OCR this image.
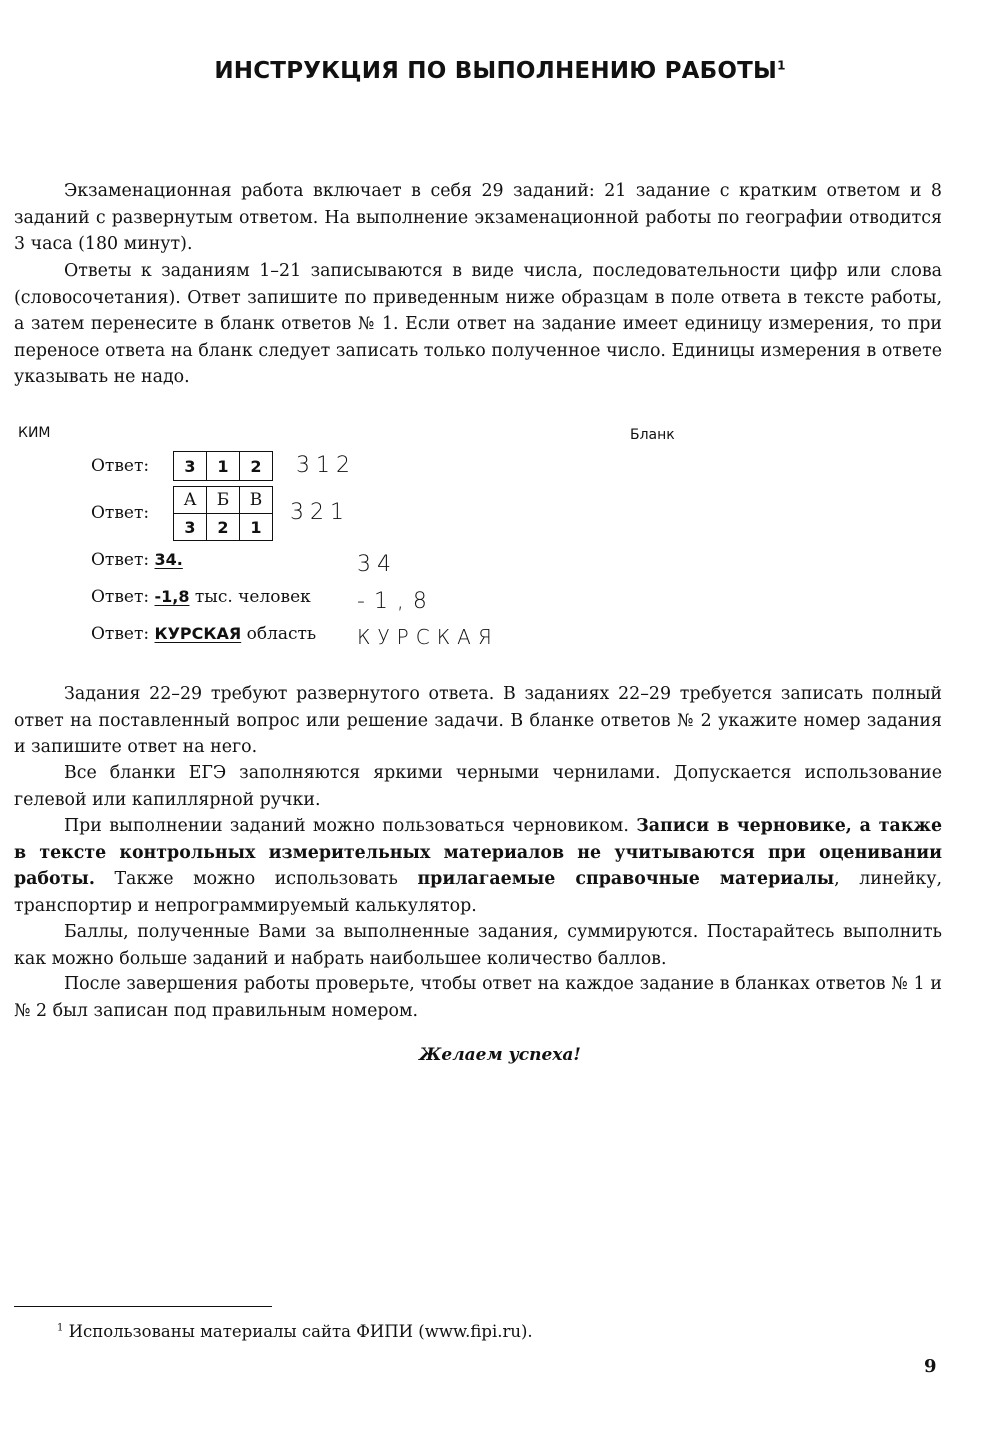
ИНСТРУКЦИЯ ПО ВЫПОЛНЕНИЮ РАБОТЫ$^1$

Экзаменационная работа включает в себя 29 заданий: 21 задание с кратким ответом и 8 заданий с развернутым ответом. На выполнение экзаменационной работы по географии отводится 3 часа (180 минут).

Ответы к заданиям 1–21 записываются в виде числа, последовательности цифр или слова (словосочетания). Ответ запишите по приведенным ниже образцам в поле ответа в тексте работы, а затем перенесите в бланк ответов № 1. Если ответ на задание имеет единицу измерения, то при переносе ответа на бланк следует записать только полученное число. Единицы измерения в ответе указывать не надо.

КИМ	Бланк
Ответ: 3	1	2 312
Ответ:
А	Б	В
3	2	1
321
Ответ: 34.	34
Ответ: -1,8 тыс. человек -1,8
Ответ: КУРСКАЯ область КУРСКАЯ

Задания 22–29 требуют развернутого ответа. В заданиях 22–29 требуется записать полный ответ на поставленный вопрос или решение задачи. В бланке ответов № 2 укажите номер задания и запишите ответ на него.

Все бланки ЕГЭ заполняются яркими черными чернилами. Допускается использование гелевой или капиллярной ручки.

При выполнении заданий можно пользоваться черновиком. Записи в черновике, а также в тексте контрольных измерительных материалов не учитываются при оценивании работы. Также можно использовать прилагаемые справочные материалы, линейку, транспортир и непрограммируемый калькулятор.

Баллы, полученные Вами за выполненные задания, суммируются. Постарайтесь выполнить как можно больше заданий и набрать наибольшее количество баллов.

После завершения работы проверьте, чтобы ответ на каждое задание в бланках ответов № 1 и № 2 был записан под правильным номером.

Желаем успеха!
$^1$ Использованы материалы сайта ФИПИ (www.fipi.ru).
9
